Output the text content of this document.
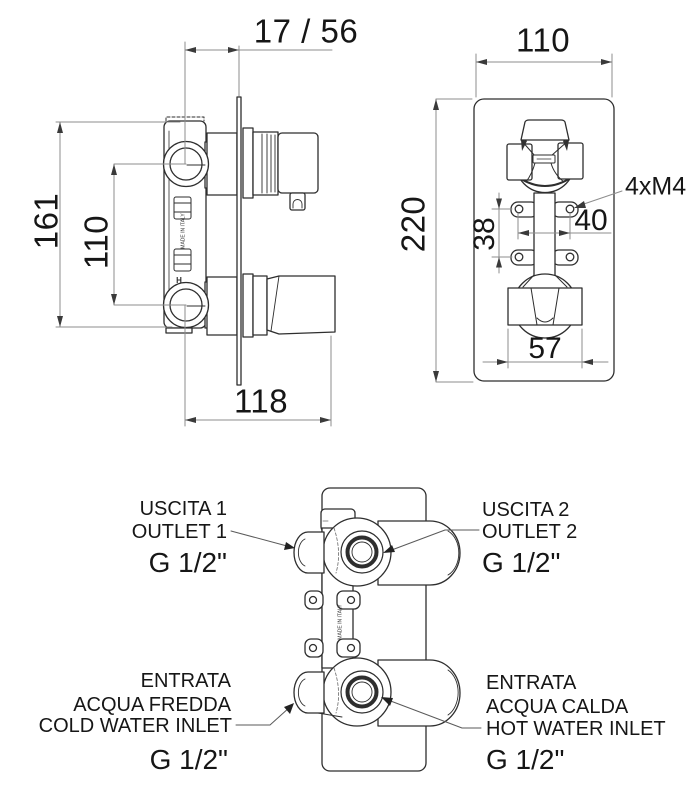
17 / 56
161 110
118
MADE IN ITALY
H
110
220 38 40
4xM4
57
USCITA 1
OUTLET 1
G 1/2"
USCITA 2
OUTLET 2
G 1/2"
ENTRATA
ACQUA FREDDA
COLD WATER INLET
G 1/2"
ENTRATA
ACQUA CALDA
HOT WATER INLET
G 1/2"
MADE IN ITALY
